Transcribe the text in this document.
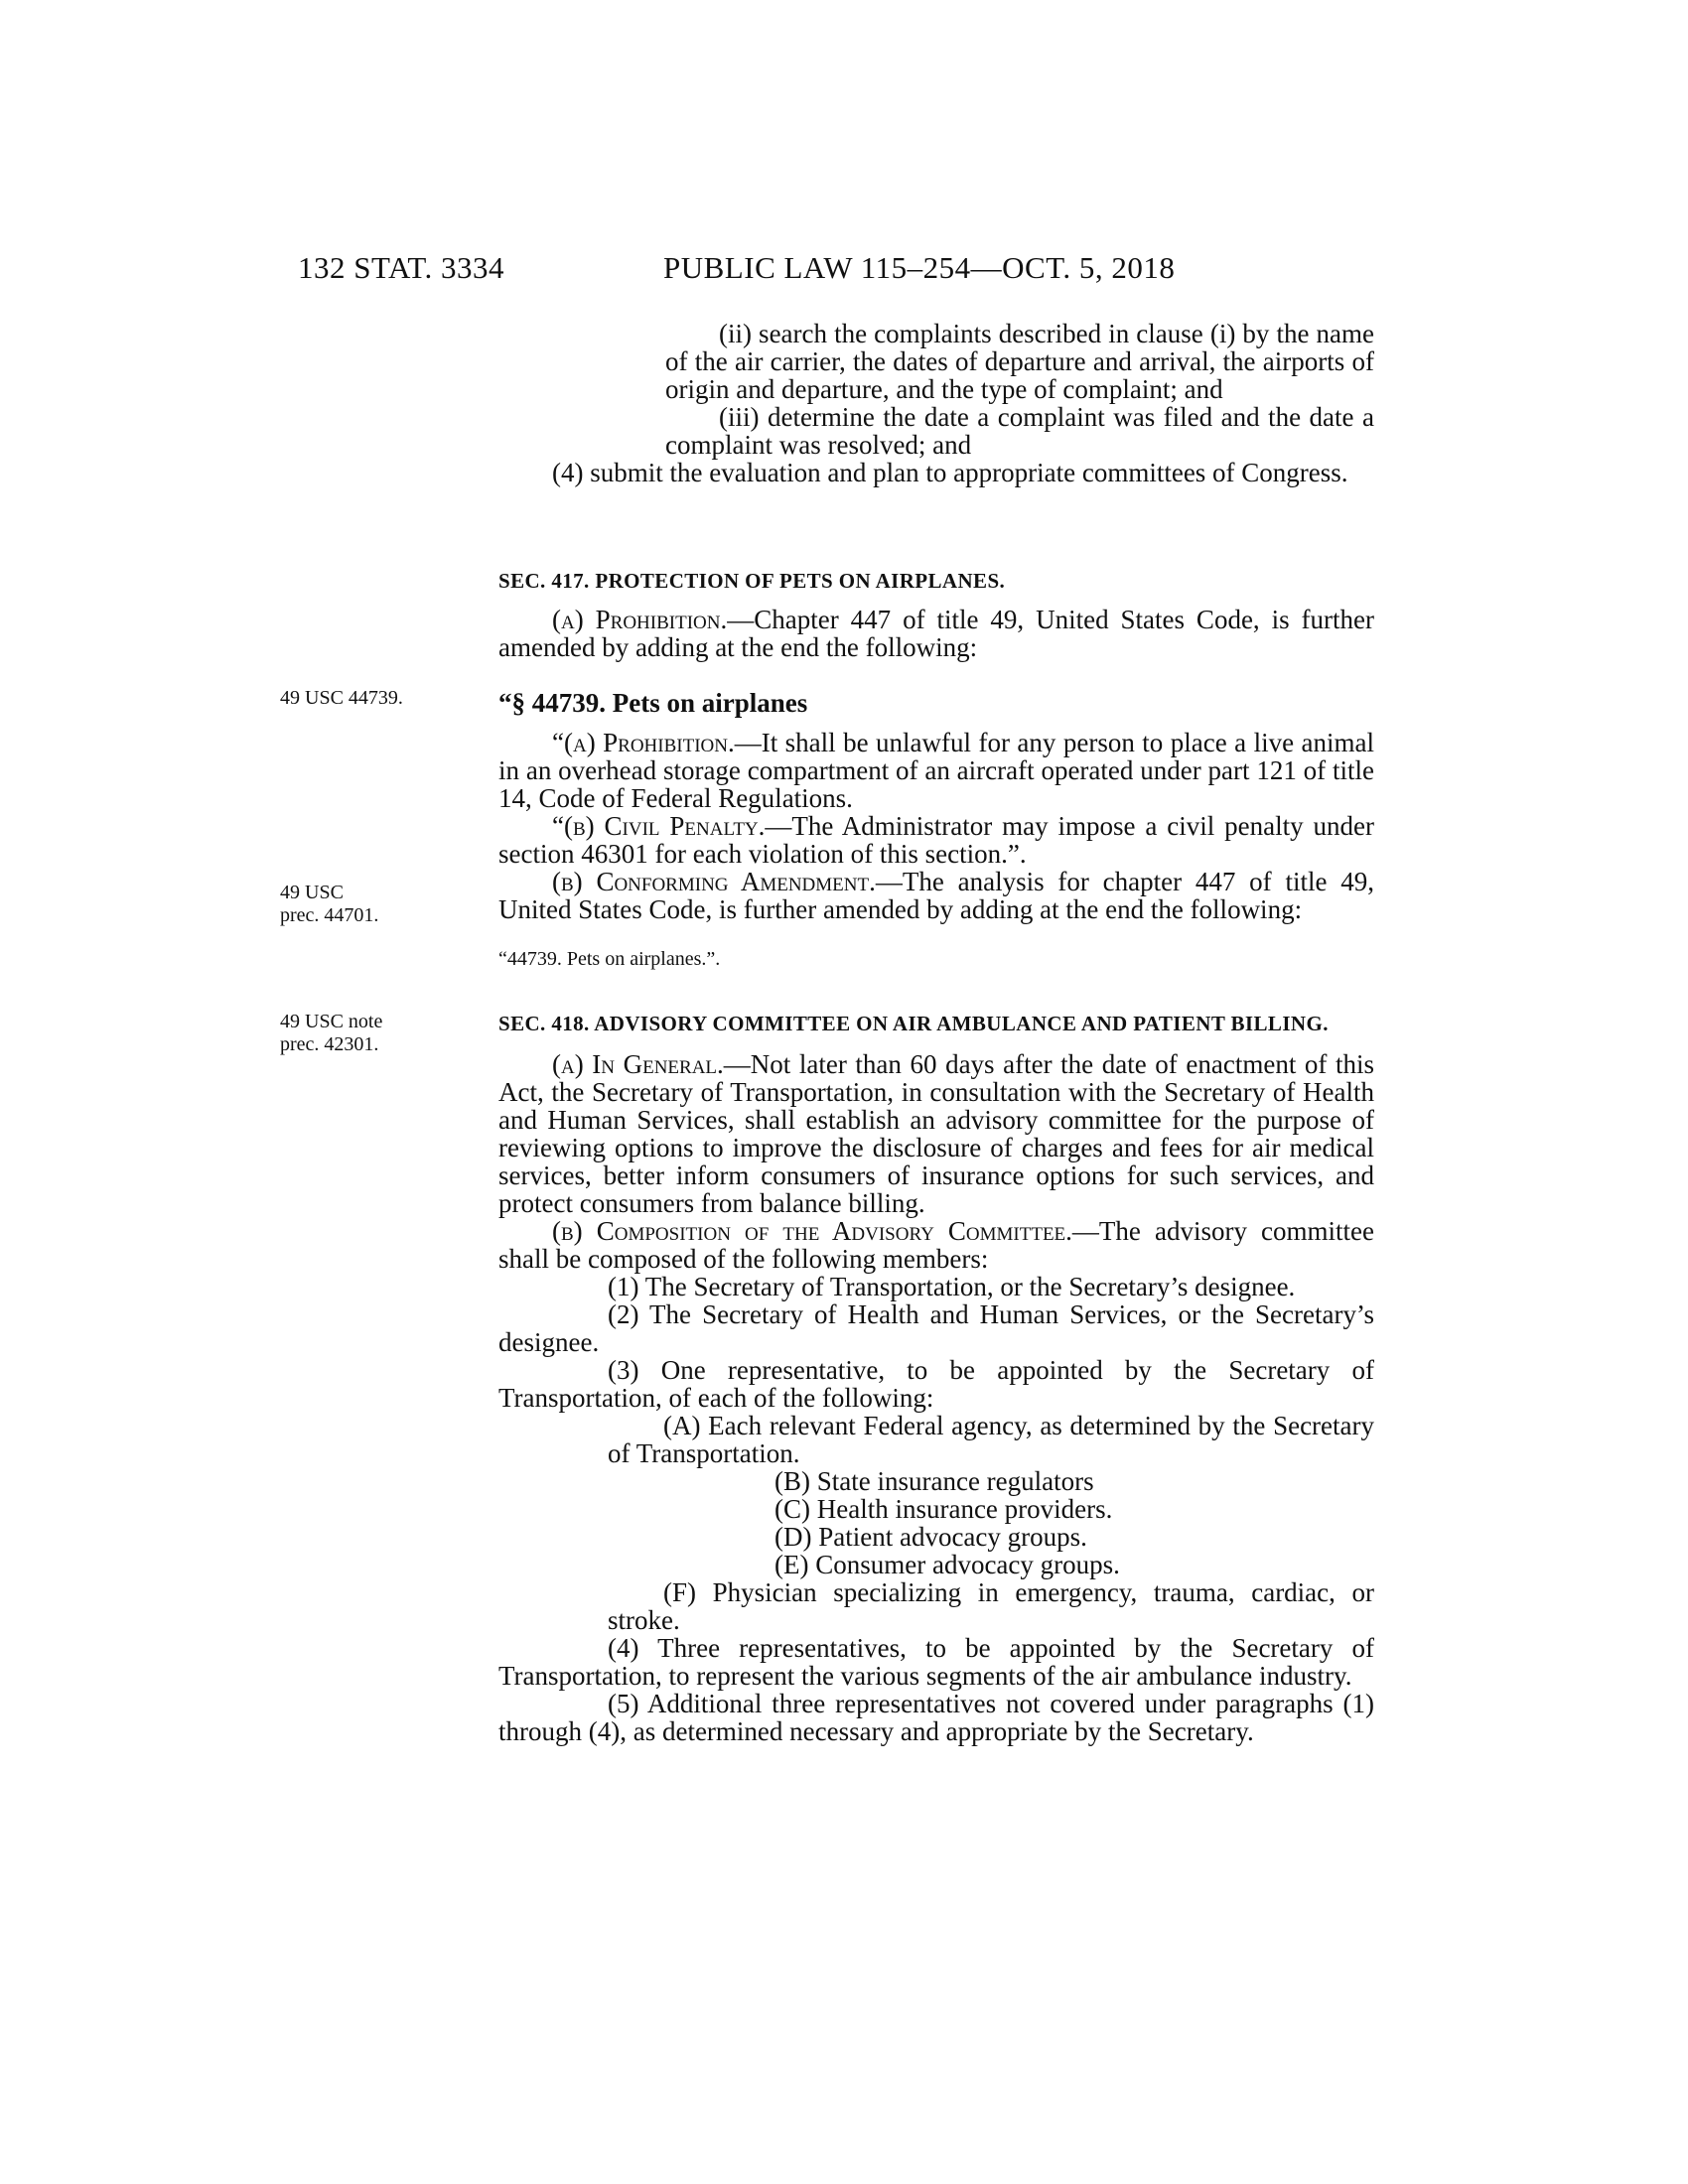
132 STAT. 3334	PUBLIC LAW 115–254—OCT. 5, 2018
49 USC 44739.
49 USC
prec. 44701.
49 USC note
prec. 42301.

(ii) search the complaints described in clause (i) by the name of the air carrier, the dates of departure and arrival, the airports of origin and departure, and the type of complaint; and

(iii) determine the date a complaint was filed and the date a complaint was resolved; and

(4) submit the evaluation and plan to appropriate committees of Congress.

SEC. 417. PROTECTION OF PETS ON AIRPLANES.

(a) Prohibition.—Chapter 447 of title 49, United States Code, is further amended by adding at the end the following:

“§ 44739. Pets on airplanes

“(a) Prohibition.—It shall be unlawful for any person to place a live animal in an overhead storage compartment of an aircraft operated under part 121 of title 14, Code of Federal Regulations.

“(b) Civil Penalty.—The Administrator may impose a civil penalty under section 46301 for each violation of this section.”.

(b) Conforming Amendment.—The analysis for chapter 447 of title 49, United States Code, is further amended by adding at the end the following:

“44739. Pets on airplanes.”.

SEC. 418. ADVISORY COMMITTEE ON AIR AMBULANCE AND PATIENT BILLING.

(a) In General.—Not later than 60 days after the date of enactment of this Act, the Secretary of Transportation, in consultation with the Secretary of Health and Human Services, shall establish an advisory committee for the purpose of reviewing options to improve the disclosure of charges and fees for air medical services, better inform consumers of insurance options for such services, and protect consumers from balance billing.

(b) Composition of the Advisory Committee.—The advisory committee shall be composed of the following members:

(1) The Secretary of Transportation, or the Secretary’s designee.

(2) The Secretary of Health and Human Services, or the Secretary’s designee.

(3) One representative, to be appointed by the Secretary of Transportation, of each of the following:

(A) Each relevant Federal agency, as determined by the Secretary of Transportation.

(B) State insurance regulators

(C) Health insurance providers.

(D) Patient advocacy groups.

(E) Consumer advocacy groups.

(F) Physician specializing in emergency, trauma, cardiac, or stroke.

(4) Three representatives, to be appointed by the Secretary of Transportation, to represent the various segments of the air ambulance industry.

(5) Additional three representatives not covered under paragraphs (1) through (4), as determined necessary and appropriate by the Secretary.
